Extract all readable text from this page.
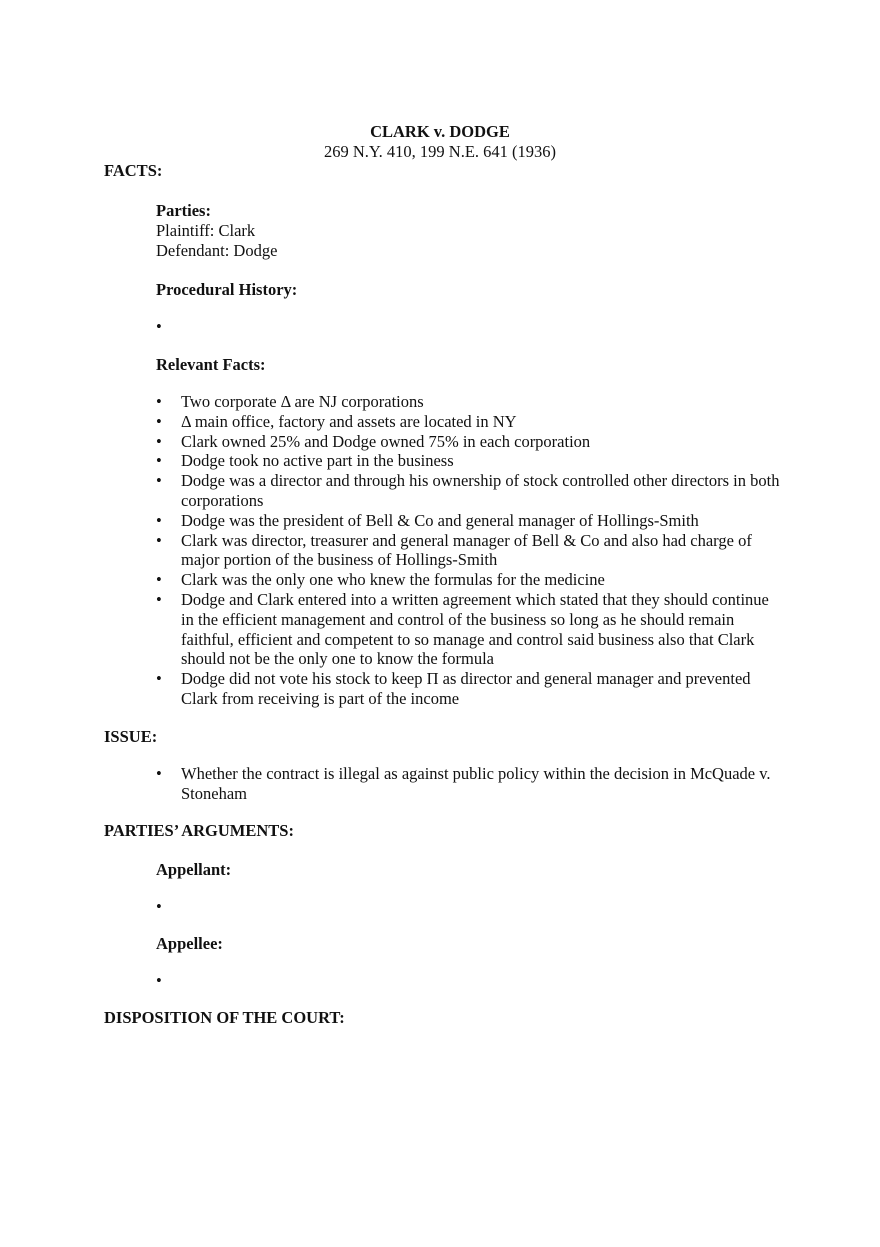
CLARK v. DODGE
269 N.Y. 410, 199 N.E. 641 (1936)
FACTS:
Parties:
Plaintiff: Clark
Defendant: Dodge
Procedural History:
•
Relevant Facts:
• Two corporate Δ are NJ corporations
• Δ main office, factory and assets are located in NY
• Clark owned 25% and Dodge owned 75% in each corporation
• Dodge took no active part in the business
• Dodge was a director and through his ownership of stock controlled other directors in both corporations
• Dodge was the president of Bell & Co and general manager of Hollings-Smith
• Clark was director, treasurer and general manager of Bell & Co and also had charge of major portion of the business of Hollings-Smith
• Clark was the only one who knew the formulas for the medicine
• Dodge and Clark entered into a written agreement which stated that they should continue in the efficient management and control of the business so long as he should remain faithful, efficient and competent to so manage and control said business also that Clark should not be the only one to know the formula
• Dodge did not vote his stock to keep Π as director and general manager and prevented Clark from receiving is part of the income
ISSUE:
• Whether the contract is illegal as against public policy within the decision in McQuade v. Stoneham
PARTIES’ ARGUMENTS:
Appellant:
•
Appellee:
•
DISPOSITION OF THE COURT:
